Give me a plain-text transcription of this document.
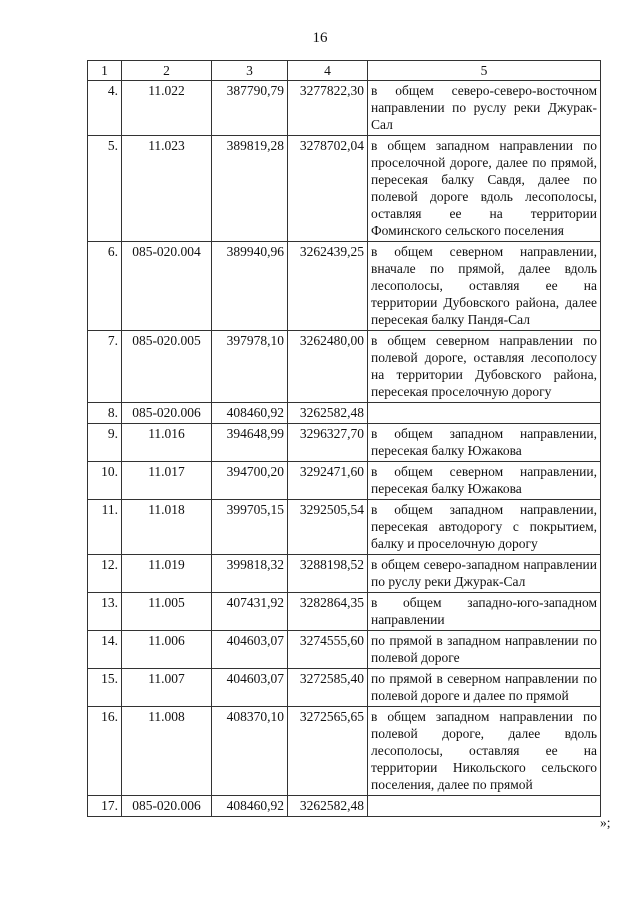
16
1	2	3	4	5
4.	11.022	387790,79	3277822,30	в общем северо-северо-восточном направлении по руслу реки Джурак-Сал
5.	11.023	389819,28	3278702,04	в общем западном направлении по проселочной дороге, далее по прямой, пересекая балку Савдя, далее по полевой дороге вдоль лесополосы, оставляя ее на территории Фоминского сельского поселения
6.	085-020.004	389940,96	3262439,25	в общем северном направлении, вначале по прямой, далее вдоль лесополосы, оставляя ее на территории Дубовского района, далее пересекая балку Пандя-Сал
7.	085-020.005	397978,10	3262480,00	в общем северном направлении по полевой дороге, оставляя лесополосу на территории Дубовского района, пересекая проселочную дорогу
8.	085-020.006	408460,92	3262582,48	
9.	11.016	394648,99	3296327,70	в общем западном направлении, пересекая балку Южакова
10.	11.017	394700,20	3292471,60	в общем северном направлении, пересекая балку Южакова
11.	11.018	399705,15	3292505,54	в общем западном направлении, пересекая автодорогу с покрытием, балку и проселочную дорогу
12.	11.019	399818,32	3288198,52	в общем северо-западном направлении по руслу реки Джурак-Сал
13.	11.005	407431,92	3282864,35	в общем западно-юго-западном направлении
14.	11.006	404603,07	3274555,60	по прямой в западном направлении по полевой дороге
15.	11.007	404603,07	3272585,40	по прямой в северном направлении по полевой дороге и далее по прямой
16.	11.008	408370,10	3272565,65	в общем западном направлении по полевой дороге, далее вдоль лесополосы, оставляя ее на территории Никольского сельского поселения, далее по прямой
17.	085-020.006	408460,92	3262582,48	
»;
